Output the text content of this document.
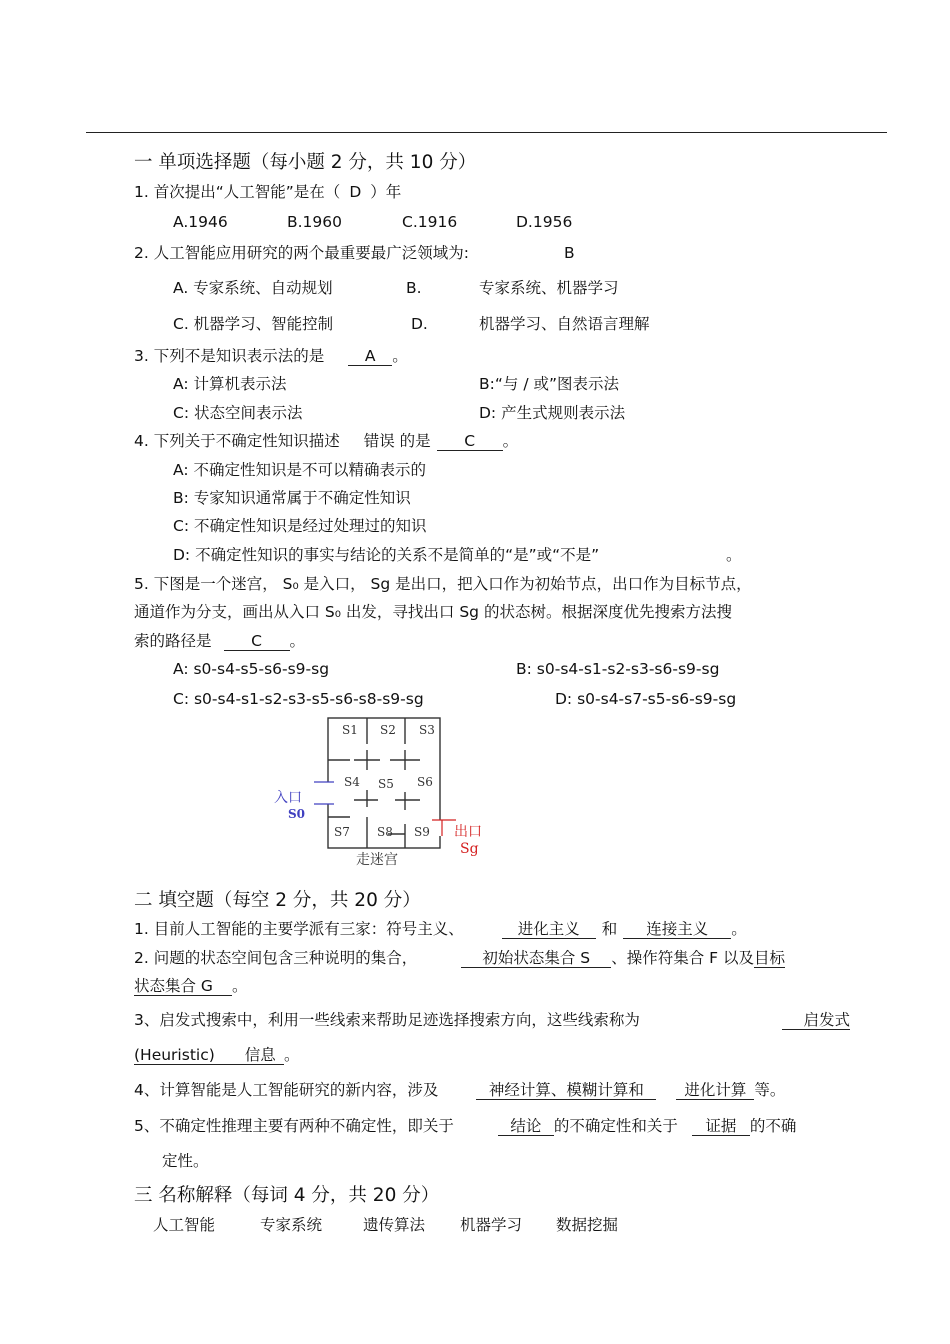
一 单项选择题（每小题 2 分，共 10 分）
1. 首次提出“人工智能”是在（ D ）年
A.1946	B.1960	C.1916	D.1956
2. 人工智能应用研究的两个最重要最广泛领域为:	B
A. 专家系统、自动规划	B.	专家系统、机器学习
C. 机器学习、智能控制	D.	机器学习、自然语言理解
3. 下列不是知识表示法的是	A 。
A: 计算机表示法	B:“与 / 或”图表示法
C: 状态空间表示法	D: 产生式规则表示法
4. 下列关于不确定性知识描述 错误 的是 C 。
A: 不确定性知识是不可以精确表示的
B: 专家知识通常属于不确定性知识
C: 不确定性知识是经过处理过的知识
D: 不确定性知识的事实与结论的关系不是简单的“是”或“不是”	。
5. 下图是一个迷宫， S₀ 是入口， Sg 是出口，把入口作为初始节点，出口作为目标节点，
通道作为分支，画出从入口 S₀ 出发，寻找出口 Sg 的状态树。根据深度优先搜索方法搜
索的路径是	C 。
A: s0-s4-s5-s6-s9-sg	B: s0-s4-s1-s2-s3-s6-s9-sg
C: s0-s4-s1-s2-s3-s5-s6-s8-s9-sg	D: s0-s4-s7-s5-s6-s9-sg
S1 S2 S3
S4 S5 S6
S7 S8 S9
入口
S0
出口
Sg
走迷宫
二 填空题（每空 2 分，共 20 分）
1. 目前人工智能的主要学派有三家：符号主义、	进化主义 和 连接主义 。
2. 问题的状态空间包含三种说明的集合，	初始状态集合 S 、操作符集合 F 以及目标
状态集合 G 。
3、启发式搜索中，利用一些线索来帮助足迹选择搜索方向，这些线索称为	启发式
(Heuristic) 信息 。
4、计算智能是人工智能研究的新内容，涉及	神经计算、模糊计算和	进化计算 等。
5、不确定性推理主要有两种不确定性，即关于	结论 的不确定性和关于 证据 的不确
定性。
三 名称解释（每词 4 分，共 20 分）
人工智能	专家系统	遗传算法 机器学习 数据挖掘
